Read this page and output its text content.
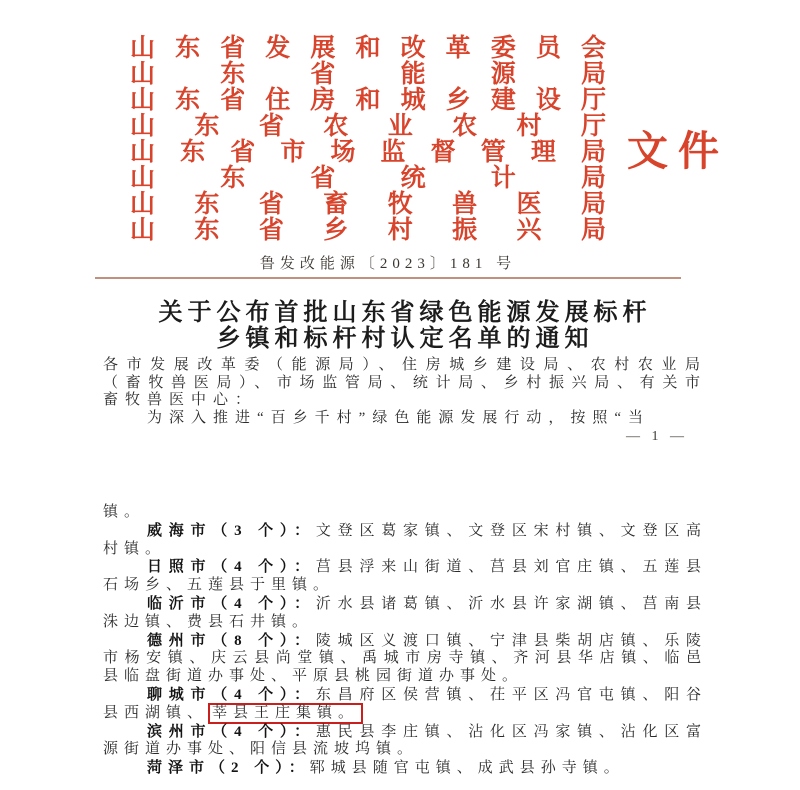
山 东 省 发 展 和 改 革 委 员 会
山	东	省	能	源	局
山 东 省 住 房 和 城 乡 建 设 厅
山 东 省 农 业 农 村 厅
山 东 省 市 场 监 督 管 理 局
山	东	省	统	计	局
山 东 省 畜 牧 兽 医 局
山 东 省 乡 村 振 兴 局
文件
鲁发改能源〔2023〕181 号
关于公布首批山东省绿色能源发展标杆
乡镇和标杆村认定名单的通知

各市发展改革委（能源局）、住房城乡建设局、农村农业局（畜牧兽医局）、市场监管局、统计局、乡村振兴局、有关市畜牧兽医中心：

为深入推进“百乡千村”绿色能源发展行动，按照“当

— 1 —

镇。

威海市（3 个）：文登区葛家镇、文登区宋村镇、文登区高村镇。

日照市（4 个）：莒县浮来山街道、莒县刘官庄镇、五莲县石场乡、五莲县于里镇。

临沂市（4 个）：沂水县诸葛镇、沂水县许家湖镇、莒南县洙边镇、费县石井镇。

德州市（8 个）：陵城区义渡口镇、宁津县柴胡店镇、乐陵市杨安镇、庆云县尚堂镇、禹城市房寺镇、齐河县华店镇、临邑县临盘街道办事处、平原县桃园街道办事处。

聊城市（4 个）：东昌府区侯营镇、茌平区冯官屯镇、阳谷县西湖镇、 莘县王庄集镇。

滨州市（4 个）：惠民县李庄镇、沾化区冯家镇、沾化区富源街道办事处、阳信县流坡坞镇。

菏泽市（2 个）：郓城县随官屯镇、成武县孙寺镇。
